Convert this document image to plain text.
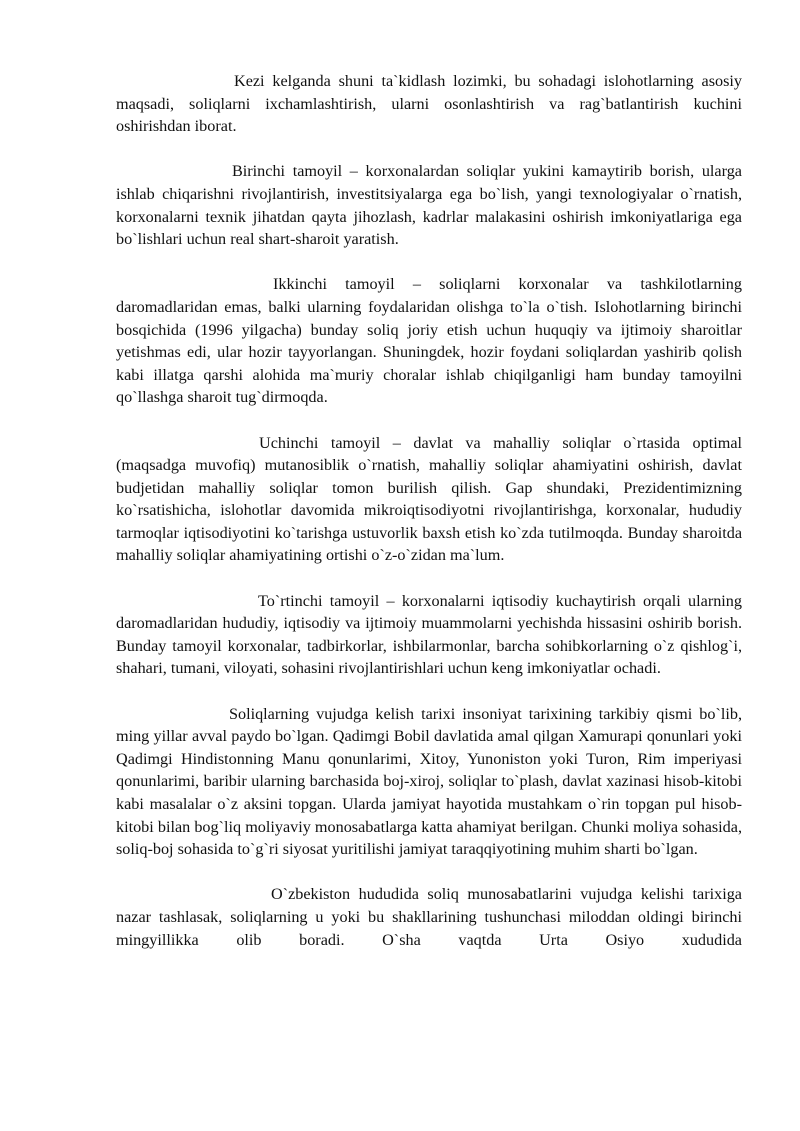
Kezi kelganda shuni ta`kidlash lozimki, bu sohadagi islohotlarning asosiy maqsadi, soliqlarni ixchamlashtirish, ularni osonlashtirish va rag`batlantirish kuchini oshirishdan iborat.

Birinchi tamoyil – korxonalardan soliqlar yukini kamaytirib borish, ularga ishlab chiqarishni rivojlantirish, investitsiyalarga ega bo`lish, yangi texnologiyalar o`rnatish, korxonalarni texnik jihatdan qayta jihozlash, kadrlar malakasini oshirish imkoniyatlariga ega bo`lishlari uchun real shart-sharoit yaratish.

Ikkinchi tamoyil – soliqlarni korxonalar va tashkilotlarning daromadlaridan emas, balki ularning foydalaridan olishga to`la o`tish. Islohotlarning birinchi bosqichida (1996 yilgacha) bunday soliq joriy etish uchun huquqiy va ijtimoiy sharoitlar yetishmas edi, ular hozir tayyorlangan. Shuningdek, hozir foydani soliqlardan yashirib qolish kabi illatga qarshi alohida ma`muriy choralar ishlab chiqilganligi ham bunday tamoyilni qo`llashga sharoit tug`dirmoqda.

Uchinchi tamoyil – davlat va mahalliy soliqlar o`rtasida optimal (maqsadga muvofiq) mutanosiblik o`rnatish, mahalliy soliqlar ahamiyatini oshirish, davlat budjetidan mahalliy soliqlar tomon burilish qilish. Gap shundaki, Prezidentimizning ko`rsatishicha, islohotlar davomida mikroiqtisodiyotni rivojlantirishga, korxonalar, hududiy tarmoqlar iqtisodiyotini ko`tarishga ustuvorlik baxsh etish ko`zda tutilmoqda. Bunday sharoitda mahalliy soliqlar ahamiyatining ortishi o`z-o`zidan ma`lum.

To`rtinchi tamoyil – korxonalarni iqtisodiy kuchaytirish orqali ularning daromadlaridan hududiy, iqtisodiy va ijtimoiy muammolarni yechishda hissasini oshirib borish. Bunday tamoyil korxonalar, tadbirkorlar, ishbilarmonlar, barcha sohibkorlarning o`z qishlog`i, shahari, tumani, viloyati, sohasini rivojlantirishlari uchun keng imkoniyatlar ochadi.

Soliqlarning vujudga kelish tarixi insoniyat tarixining tarkibiy qismi bo`lib, ming yillar avval paydo bo`lgan. Qadimgi Bobil davlatida amal qilgan Xamurapi qonunlari yoki Qadimgi Hindistonning Manu qonunlarimi, Xitoy, Yunoniston yoki Turon, Rim imperiyasi qonunlarimi, baribir ularning barchasida boj-xiroj, soliqlar to`plash, davlat xazinasi hisob-kitobi kabi masalalar o`z aksini topgan. Ularda jamiyat hayotida mustahkam o`rin topgan pul hisob-kitobi bilan bog`liq moliyaviy monosabatlarga katta ahamiyat berilgan. Chunki moliya sohasida, soliq-boj sohasida to`g`ri siyosat yuritilishi jamiyat taraqqiyotining muhim sharti bo`lgan.

O`zbekiston hududida soliq munosabatlarini vujudga kelishi tarixiga nazar tashlasak, soliqlarning u yoki bu shakllarining tushunchasi miloddan oldingi birinchi mingyillikka olib boradi. O`sha vaqtda Urta Osiyo xududida
